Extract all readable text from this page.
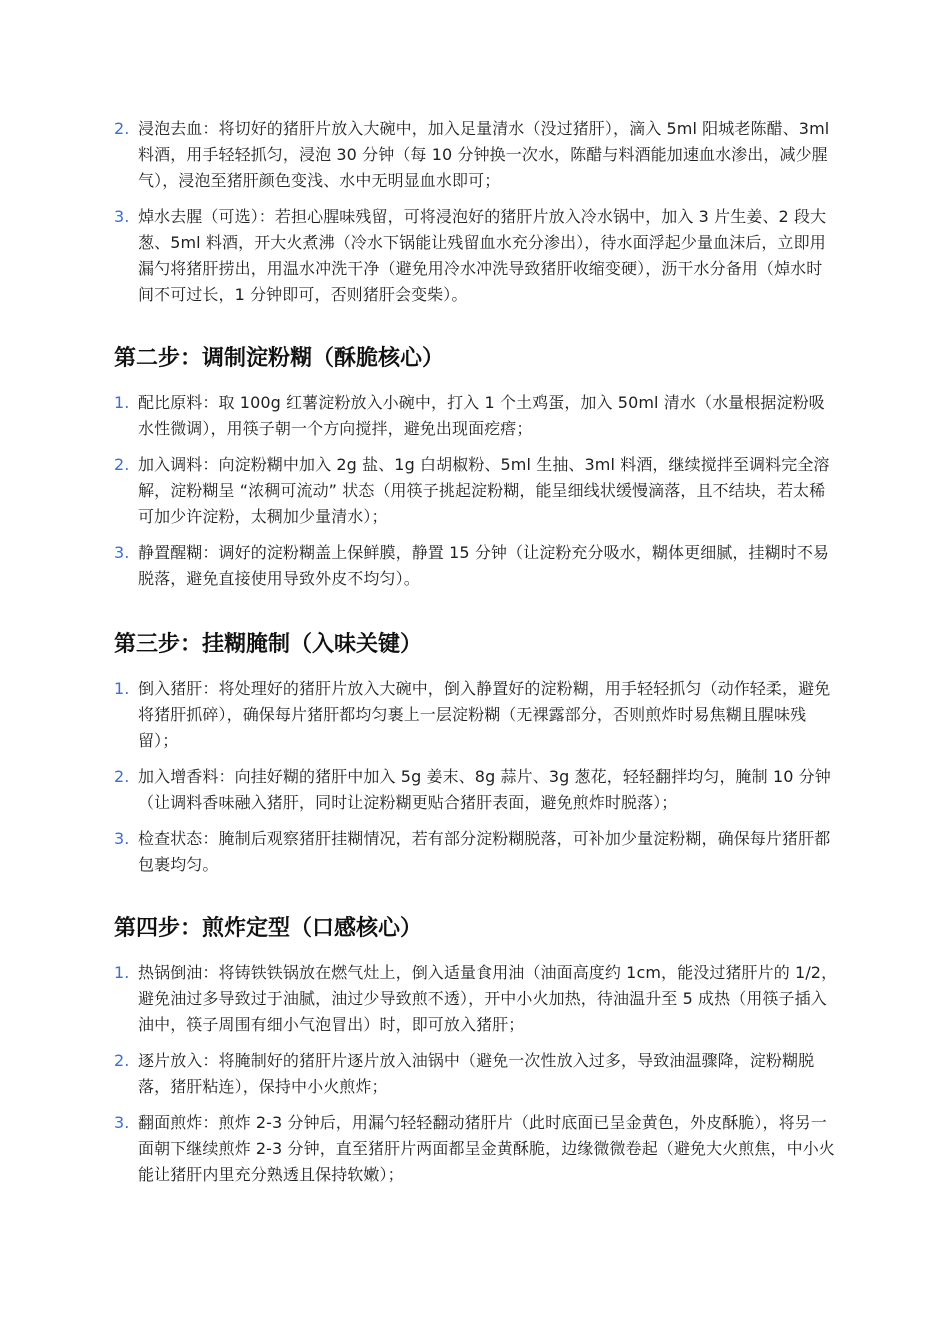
2. 浸泡去血：将切好的猪肝片放入大碗中，加入足量清水（没过猪肝），滴入 5ml 阳城老陈醋、3ml 料酒，用手轻轻抓匀，浸泡 30 分钟（每 10 分钟换一次水，陈醋与料酒能加速血水渗出，减少腥气），浸泡至猪肝颜色变浅、水中无明显血水即可；
3. 焯水去腥（可选）：若担心腥味残留，可将浸泡好的猪肝片放入冷水锅中，加入 3 片生姜、2 段大葱、5ml 料酒，开大火煮沸（冷水下锅能让残留血水充分渗出），待水面浮起少量血沫后，立即用漏勺将猪肝捞出，用温水冲洗干净（避免用冷水冲洗导致猪肝收缩变硬），沥干水分备用（焯水时间不可过长，1 分钟即可，否则猪肝会变柴）。
第二步：调制淀粉糊（酥脆核心）
1. 配比原料：取 100g 红薯淀粉放入小碗中，打入 1 个土鸡蛋，加入 50ml 清水（水量根据淀粉吸水性微调），用筷子朝一个方向搅拌，避免出现面疙瘩；
2. 加入调料：向淀粉糊中加入 2g 盐、1g 白胡椒粉、5ml 生抽、3ml 料酒，继续搅拌至调料完全溶解，淀粉糊呈 “浓稠可流动” 状态（用筷子挑起淀粉糊，能呈细线状缓慢滴落，且不结块，若太稀可加少许淀粉，太稠加少量清水）；
3. 静置醒糊：调好的淀粉糊盖上保鲜膜，静置 15 分钟（让淀粉充分吸水，糊体更细腻，挂糊时不易脱落，避免直接使用导致外皮不均匀）。
第三步：挂糊腌制（入味关键）
1. 倒入猪肝：将处理好的猪肝片放入大碗中，倒入静置好的淀粉糊，用手轻轻抓匀（动作轻柔，避免将猪肝抓碎），确保每片猪肝都均匀裹上一层淀粉糊（无裸露部分，否则煎炸时易焦糊且腥味残留）；
2. 加入增香料：向挂好糊的猪肝中加入 5g 姜末、8g 蒜片、3g 葱花，轻轻翻拌均匀，腌制 10 分钟（让调料香味融入猪肝，同时让淀粉糊更贴合猪肝表面，避免煎炸时脱落）；
3. 检查状态：腌制后观察猪肝挂糊情况，若有部分淀粉糊脱落，可补加少量淀粉糊，确保每片猪肝都包裹均匀。
第四步：煎炸定型（口感核心）
1. 热锅倒油：将铸铁铁锅放在燃气灶上，倒入适量食用油（油面高度约 1cm，能没过猪肝片的 1/2，避免油过多导致过于油腻，油过少导致煎不透），开中小火加热，待油温升至 5 成热（用筷子插入油中，筷子周围有细小气泡冒出）时，即可放入猪肝；
2. 逐片放入：将腌制好的猪肝片逐片放入油锅中（避免一次性放入过多，导致油温骤降，淀粉糊脱落，猪肝粘连），保持中小火煎炸；
3. 翻面煎炸：煎炸 2-3 分钟后，用漏勺轻轻翻动猪肝片（此时底面已呈金黄色，外皮酥脆），将另一面朝下继续煎炸 2-3 分钟，直至猪肝片两面都呈金黄酥脆，边缘微微卷起（避免大火煎焦，中小火能让猪肝内里充分熟透且保持软嫩）；
